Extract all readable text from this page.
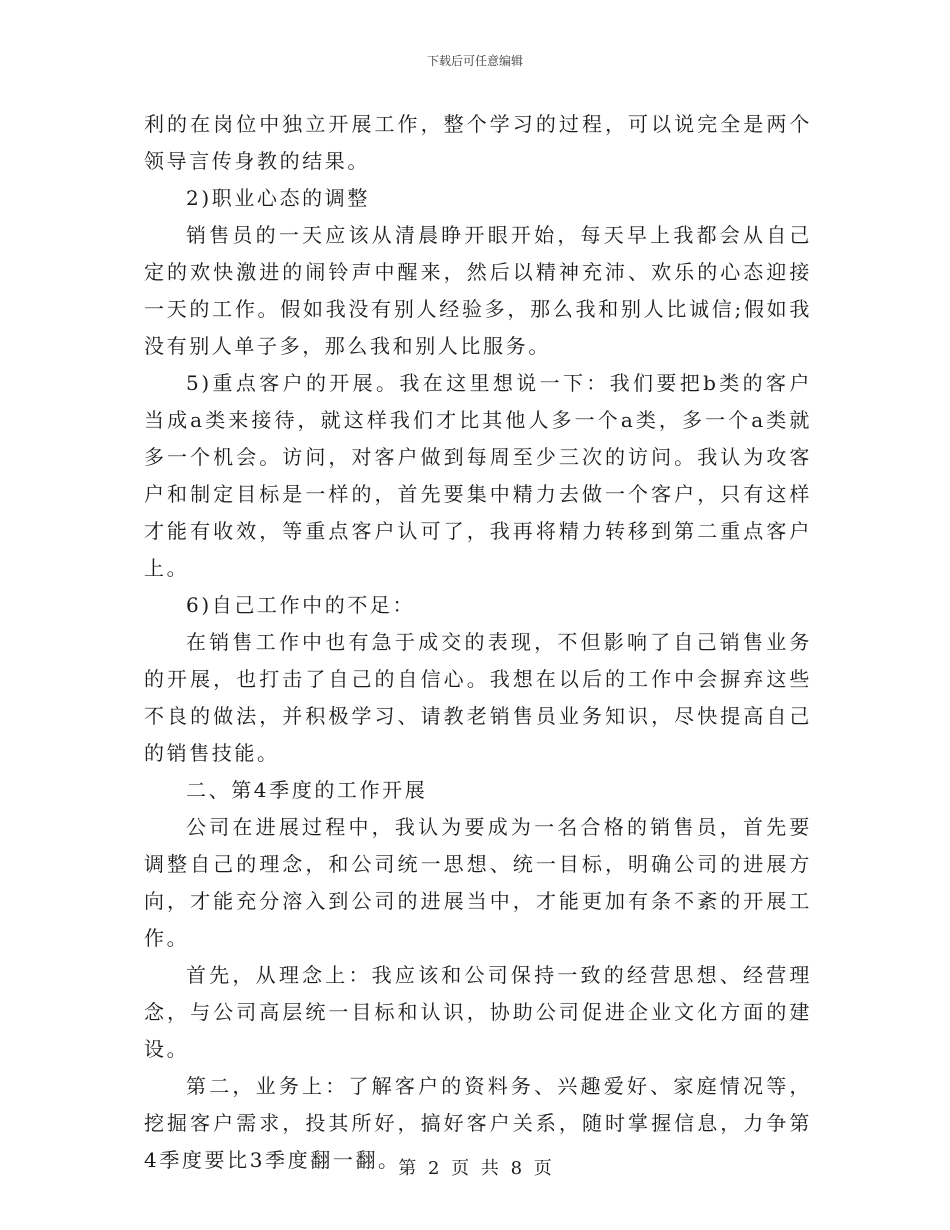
下载后可任意编辑

利的在岗位中独立开展工作，整个学习的过程，可以说完全是两个领导言传身教的结果。

2)职业心态的调整

销售员的一天应该从清晨睁开眼开始，每天早上我都会从自己定的欢快激进的闹铃声中醒来，然后以精神充沛、欢乐的心态迎接一天的工作。假如我没有别人经验多，那么我和别人比诚信;假如我没有别人单子多，那么我和别人比服务。

5)重点客户的开展。我在这里想说一下：我们要把b类的客户当成a类来接待，就这样我们才比其他人多一个a类，多一个a类就多一个机会。访问，对客户做到每周至少三次的访问。我认为攻客户和制定目标是一样的，首先要集中精力去做一个客户，只有这样才能有收效，等重点客户认可了，我再将精力转移到第二重点客户上。

6)自己工作中的不足：

在销售工作中也有急于成交的表现，不但影响了自己销售业务的开展，也打击了自己的自信心。我想在以后的工作中会摒弃这些不良的做法，并积极学习、请教老销售员业务知识，尽快提高自己的销售技能。

二、第4季度的工作开展

公司在进展过程中，我认为要成为一名合格的销售员，首先要调整自己的理念，和公司统一思想、统一目标，明确公司的进展方向，才能充分溶入到公司的进展当中，才能更加有条不紊的开展工作。

首先，从理念上：我应该和公司保持一致的经营思想、经营理念，与公司高层统一目标和认识，协助公司促进企业文化方面的建设。

第二，业务上：了解客户的资料务、兴趣爱好、家庭情况等，挖掘客户需求，投其所好，搞好客户关系，随时掌握信息，力争第4季度要比3季度翻一翻。

第 2 页 共 8 页
